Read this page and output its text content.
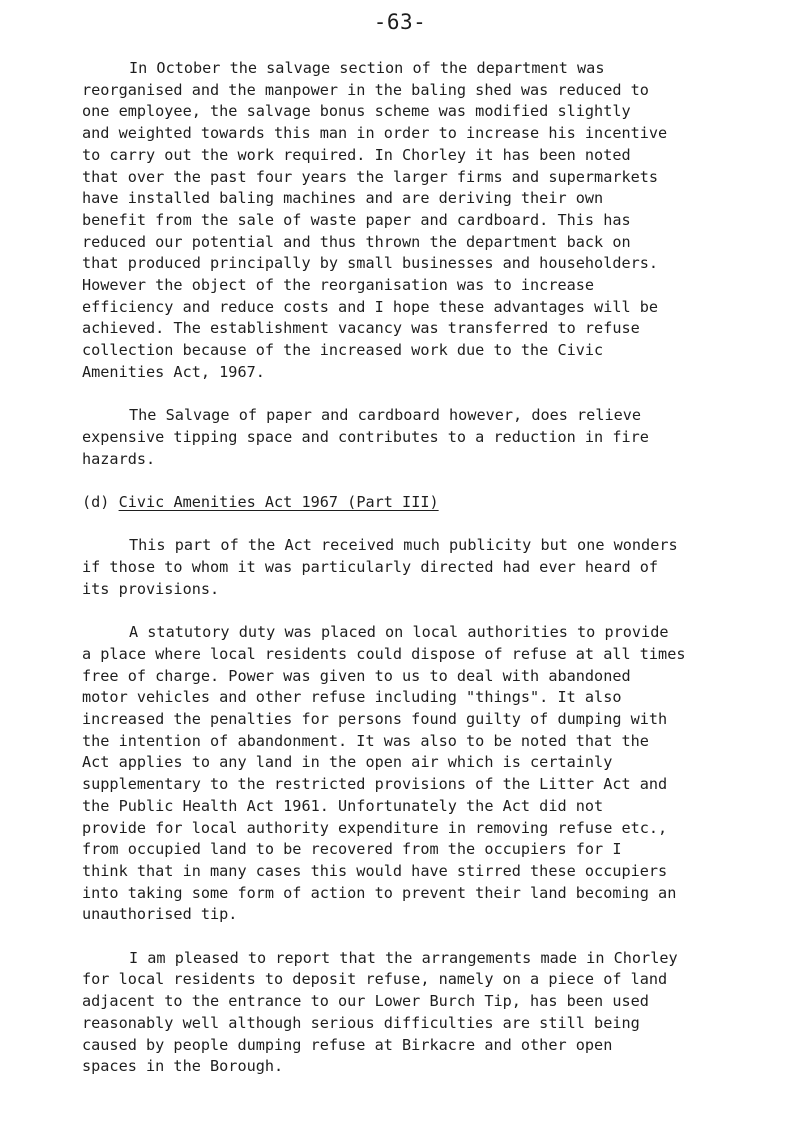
-63-

In October the salvage section of the department was
reorganised and the manpower in the baling shed was reduced to
one employee, the salvage bonus scheme was modified slightly
and weighted towards this man in order to increase his incentive
to carry out the work required. In Chorley it has been noted
that over the past four years the larger firms and supermarkets
have installed baling machines and are deriving their own
benefit from the sale of waste paper and cardboard. This has
reduced our potential and thus thrown the department back on
that produced principally by small businesses and householders.
However the object of the reorganisation was to increase
efficiency and reduce costs and I hope these advantages will be
achieved. The establishment vacancy was transferred to refuse
collection because of the increased work due to the Civic
Amenities Act, 1967.

The Salvage of paper and cardboard however, does relieve
expensive tipping space and contributes to a reduction in fire
hazards.

(d) Civic Amenities Act 1967 (Part III)

This part of the Act received much publicity but one wonders
if those to whom it was particularly directed had ever heard of
its provisions.

A statutory duty was placed on local authorities to provide
a place where local residents could dispose of refuse at all times
free of charge. Power was given to us to deal with abandoned
motor vehicles and other refuse including "things". It also
increased the penalties for persons found guilty of dumping with
the intention of abandonment. It was also to be noted that the
Act applies to any land in the open air which is certainly
supplementary to the restricted provisions of the Litter Act and
the Public Health Act 1961. Unfortunately the Act did not
provide for local authority expenditure in removing refuse etc.,
from occupied land to be recovered from the occupiers for I
think that in many cases this would have stirred these occupiers
into taking some form of action to prevent their land becoming an
unauthorised tip.

I am pleased to report that the arrangements made in Chorley
for local residents to deposit refuse, namely on a piece of land
adjacent to the entrance to our Lower Burch Tip, has been used
reasonably well although serious difficulties are still being
caused by people dumping refuse at Birkacre and other open
spaces in the Borough.
